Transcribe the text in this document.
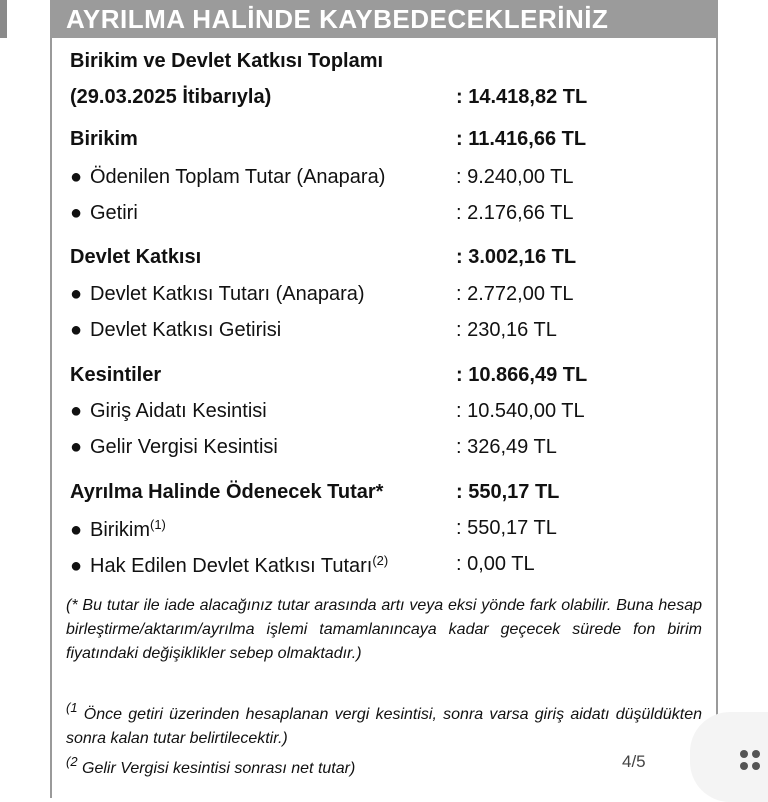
AYRILMA HALİNDE KAYBEDECEKLERİNİZ
Birikim ve Devlet Katkısı Toplamı
(29.03.2025 İtibarıyla)	: 14.418,82 TL
Birikim	: 11.416,66 TL
● Ödenilen Toplam Tutar (Anapara)	: 9.240,00 TL
● Getiri	: 2.176,66 TL
Devlet Katkısı	: 3.002,16 TL
● Devlet Katkısı Tutarı (Anapara)	: 2.772,00 TL
● Devlet Katkısı Getirisi	: 230,16 TL
Kesintiler	: 10.866,49 TL
● Giriş Aidatı Kesintisi	: 10.540,00 TL
● Gelir Vergisi Kesintisi	: 326,49 TL
Ayrılma Halinde Ödenecek Tutar*	: 550,17 TL
● Birikim$^{(1)}$	: 550,17 TL
● Hak Edilen Devlet Katkısı Tutarı$^{(2)}$	: 0,00 TL
(* Bu tutar ile iade alacağınız tutar arasında artı veya eksi yönde fark olabilir. Buna hesap birleştirme/aktarım/ayrılma işlemi tamamlanıncaya kadar geçecek sürede fon birim fiyatındaki değişiklikler sebep olmaktadır.)
$^{(1}$ Önce getiri üzerinden hesaplanan vergi kesintisi, sonra varsa giriş aidatı düşüldükten sonra kalan tutar belirtilecektir.)
$^{(2}$ Gelir Vergisi kesintisi sonrası net tutar)	4/5
